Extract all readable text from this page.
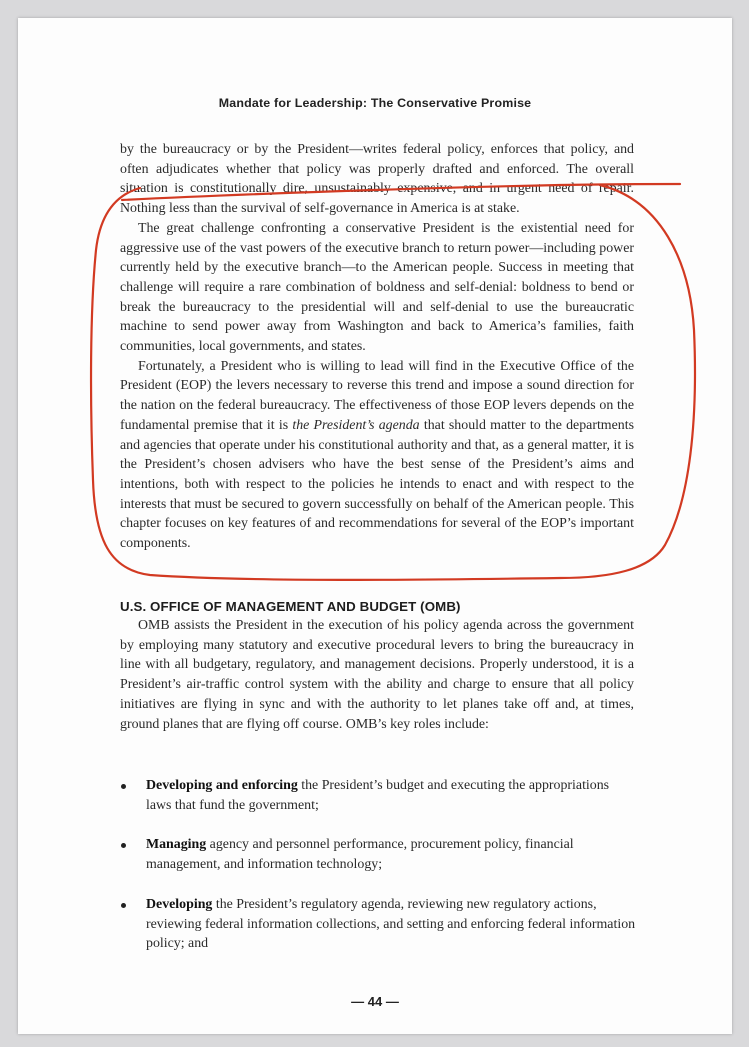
Mandate for Leadership: The Conservative Promise

by the bureaucracy or by the President—writes federal policy, enforces that policy, and often adjudicates whether that policy was properly drafted and enforced. The overall situation is constitutionally dire, unsustainably expensive, and in urgent need of repair. Nothing less than the survival of self-governance in America is at stake.

The great challenge confronting a conservative President is the existential need for aggressive use of the vast powers of the executive branch to return power—including power currently held by the executive branch—to the American people. Success in meeting that challenge will require a rare combination of boldness and self-denial: boldness to bend or break the bureaucracy to the presidential will and self-denial to use the bureaucratic machine to send power away from Washington and back to America’s families, faith communities, local governments, and states.

Fortunately, a President who is willing to lead will find in the Executive Office of the President (EOP) the levers necessary to reverse this trend and impose a sound direction for the nation on the federal bureaucracy. The effectiveness of those EOP levers depends on the fundamental premise that it is the President’s agenda that should matter to the departments and agencies that operate under his constitutional authority and that, as a general matter, it is the President’s chosen advisers who have the best sense of the President’s aims and intentions, both with respect to the policies he intends to enact and with respect to the interests that must be secured to govern successfully on behalf of the American people. This chapter focuses on key features of and recommendations for several of the EOP’s important components.

U.S. OFFICE OF MANAGEMENT AND BUDGET (OMB)

OMB assists the President in the execution of his policy agenda across the government by employing many statutory and executive procedural levers to bring the bureaucracy in line with all budgetary, regulatory, and management decisions. Properly understood, it is a President’s air-traffic control system with the ability and charge to ensure that all policy initiatives are flying in sync and with the authority to let planes take off and, at times, ground planes that are flying off course. OMB’s key roles include:

Developing and enforcing the President’s budget and executing the appropriations laws that fund the government;
Managing agency and personnel performance, procurement policy, financial management, and information technology;
Developing the President’s regulatory agenda, reviewing new regulatory actions, reviewing federal information collections, and setting and enforcing federal information policy; and
— 44 —
